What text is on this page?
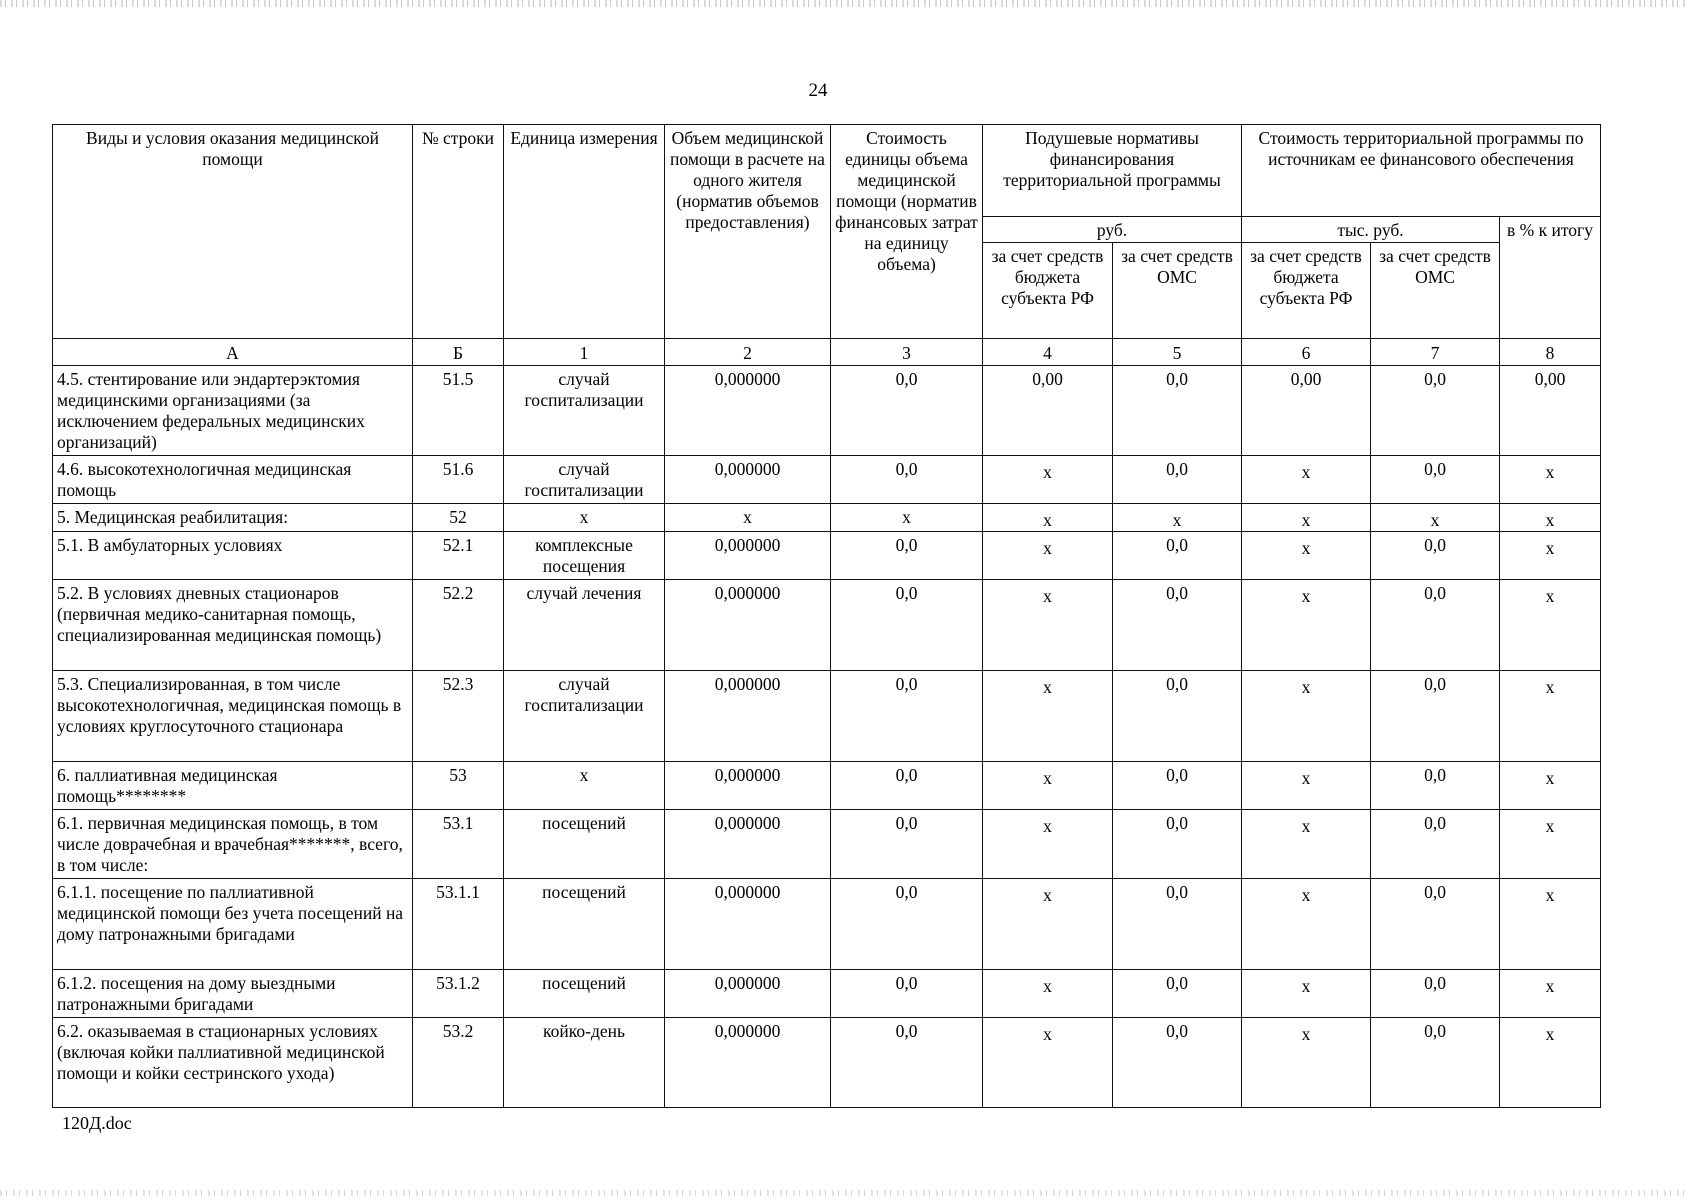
24
Виды и условия оказания медицинской помощи	№ строки	Единица измерения	Объем медицинской помощи в расчете на одного жителя (норматив объемов предоставления)	Стоимость единицы объема медицинской помощи (норматив финансовых затрат на единицу объема)	Подушевые нормативы финансирования территориальной программы		Стоимость территориальной программы по источникам ее финансового обеспечения		
					руб.		тыс. руб.		в % к итогу
					за счет средств бюджета субъекта РФ	за счет средств ОМС	за счет средств бюджета субъекта РФ	за счет средств ОМС	
А	Б	1	2	3	4	5	6	7	8
4.5. стентирование или эндартерэктомия медицинскими организациями (за исключением федеральных медицинских организаций)	51.5	случай госпитализации	0,000000	0,0	0,00	0,0	0,00	0,0	0,00
4.6. высокотехнологичная медицинская помощь	51.6	случай госпитализации	0,000000	0,0	х	0,0	х	0,0	х
5. Медицинская реабилитация:	52	х	х	х	х	х	х	х	х
5.1. В амбулаторных условиях	52.1	комплексные посещения	0,000000	0,0	х	0,0	х	0,0	х
5.2. В условиях дневных стационаров (первичная медико-санитарная помощь, специализированная медицинская помощь)	52.2	случай лечения	0,000000	0,0	х	0,0	х	0,0	х
5.3. Специализированная, в том числе высокотехнологичная, медицинская помощь в условиях круглосуточного стационара	52.3	случай госпитализации	0,000000	0,0	х	0,0	х	0,0	х
6. паллиативная медицинская помощь********	53	х	0,000000	0,0	х	0,0	х	0,0	х
6.1. первичная медицинская помощь, в том числе доврачебная и врачебная*******, всего, в том числе:	53.1	посещений	0,000000	0,0	х	0,0	х	0,0	х
6.1.1. посещение по паллиативной медицинской помощи без учета посещений на дому патронажными бригадами	53.1.1	посещений	0,000000	0,0	х	0,0	х	0,0	х
6.1.2. посещения на дому выездными патронажными бригадами	53.1.2	посещений	0,000000	0,0	х	0,0	х	0,0	х
6.2. оказываемая в стационарных условиях (включая койки паллиативной медицинской помощи и койки сестринского ухода)	53.2	койко-день	0,000000	0,0	х	0,0	х	0,0	х
120Д.doc
